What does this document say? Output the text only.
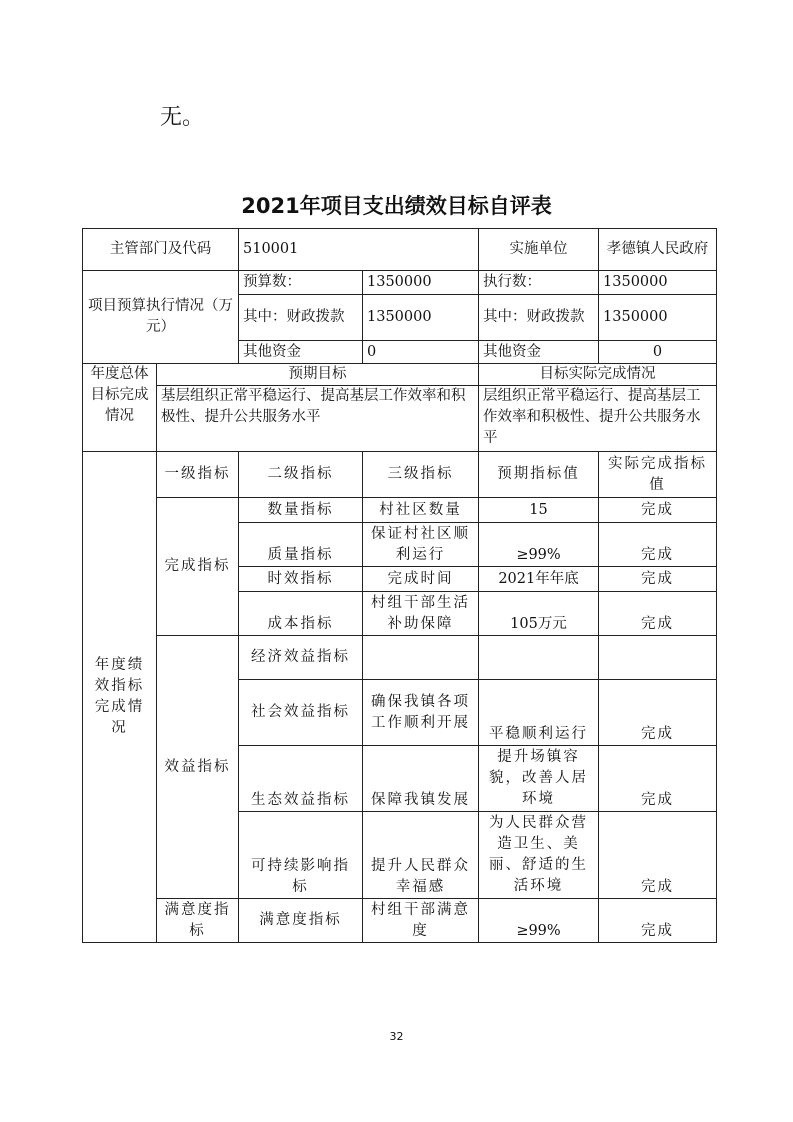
无。
2021年项目支出绩效目标自评表
主管部门及代码		510001		实施单位	孝德镇人民政府
项目预算执行情况（万元）		预算数：	1350000	执行数：	1350000
		其中：财政拨款	1350000	其中：财政拨款	1350000
		其他资金	0	其他资金	0
年度总体目标完成情况	预期目标			目标实际完成情况	
	基层组织正常平稳运行、提高基层工作效率和积极性、提升公共服务水平			层组织正常平稳运行、提高基层工作效率和积极性、提升公共服务水平	
年度绩效指标完成情况	一级指标	二级指标	三级指标	预期指标值	实际完成指标值
	完成指标	数量指标	村社区数量	15	完成
		质量指标	保证村社区顺利运行	≥99%	完成
		时效指标	完成时间	2021年年底	完成
		成本指标	村组干部生活补助保障	105万元	完成
	效益指标	经济效益指标			
		社会效益指标	确保我镇各项工作顺利开展	平稳顺利运行	完成
		生态效益指标	保障我镇发展	提升场镇容貌，改善人居环境	完成
		可持续影响指标	提升人民群众幸福感	为人民群众营造卫生、美丽、舒适的生活环境	完成
	满意度指标	满意度指标	村组干部满意度	≥99%	完成
32
